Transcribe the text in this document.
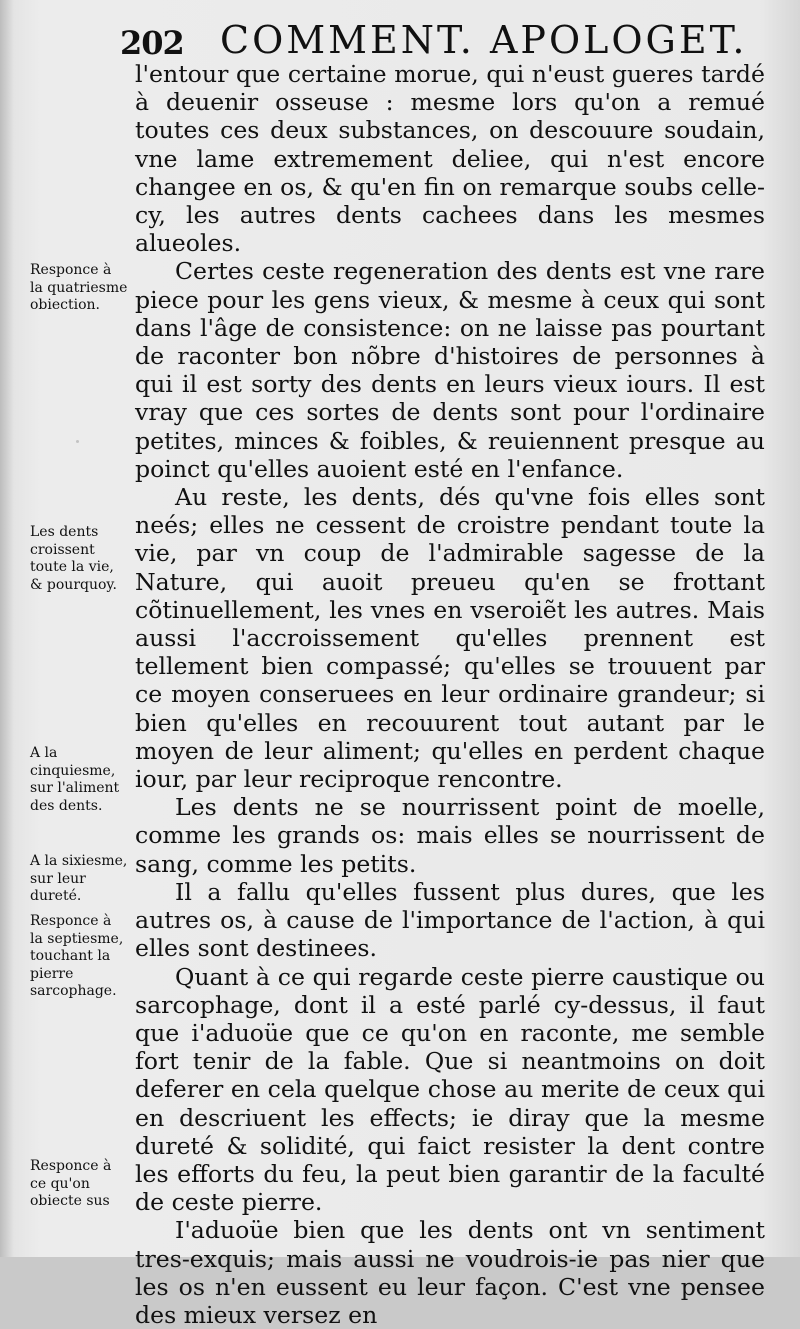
202 COMMENT. APOLOGET.
Responce à la quatriesme obiection.
Les dents croissent toute la vie, & pourquoy.
A la cinquiesme, sur l'aliment des dents.
A la sixiesme, sur leur dureté.
Responce à la septiesme, touchant la pierre sarcophage.
Responce à ce qu'on obiecte sus

l'entour que certaine morue, qui n'eust gueres tardé à deuenir osseuse : mesme lors qu'on a remué toutes ces deux substances, on descouure soudain, vne lame extremement deliee, qui n'est encore changee en os, & qu'en fin on remarque soubs celle-cy, les autres dents cachees dans les mesmes alueoles.

Certes ceste regeneration des dents est vne rare piece pour les gens vieux, & mesme à ceux qui sont dans l'âge de consistence: on ne laisse pas pourtant de raconter bon nõbre d'histoires de personnes à qui il est sorty des dents en leurs vieux iours. Il est vray que ces sortes de dents sont pour l'ordinaire petites, minces & foibles, & reuiennent presque au poinct qu'elles auoient esté en l'enfance.

Au reste, les dents, dés qu'vne fois elles sont neés; elles ne cessent de croistre pendant toute la vie, par vn coup de l'admirable sagesse de la Nature, qui auoit preueu qu'en se frottant cõtinuellement, les vnes en vseroiẽt les autres. Mais aussi l'accroissement qu'elles prennent est tellement bien compassé; qu'elles se trouuent par ce moyen conseruees en leur ordinaire grandeur; si bien qu'elles en recouurent tout autant par le moyen de leur aliment; qu'elles en perdent chaque iour, par leur reciproque rencontre.

Les dents ne se nourrissent point de moelle, comme les grands os: mais elles se nourrissent de sang, comme les petits.

Il a fallu qu'elles fussent plus dures, que les autres os, à cause de l'importance de l'action, à qui elles sont destinees.

Quant à ce qui regarde ceste pierre caustique ou sarcophage, dont il a esté parlé cy-dessus, il faut que i'aduoüe que ce qu'on en raconte, me semble fort tenir de la fable. Que si neantmoins on doit deferer en cela quelque chose au merite de ceux qui en descriuent les effects; ie diray que la mesme dureté & solidité, qui faict resister la dent contre les efforts du feu, la peut bien garantir de la faculté de ceste pierre.

I'aduoüe bien que les dents ont vn sentiment tres-exquis; mais aussi ne voudrois-ie pas nier que les os n'en eussent eu leur façon. C'est vne pensee des mieux versez en
